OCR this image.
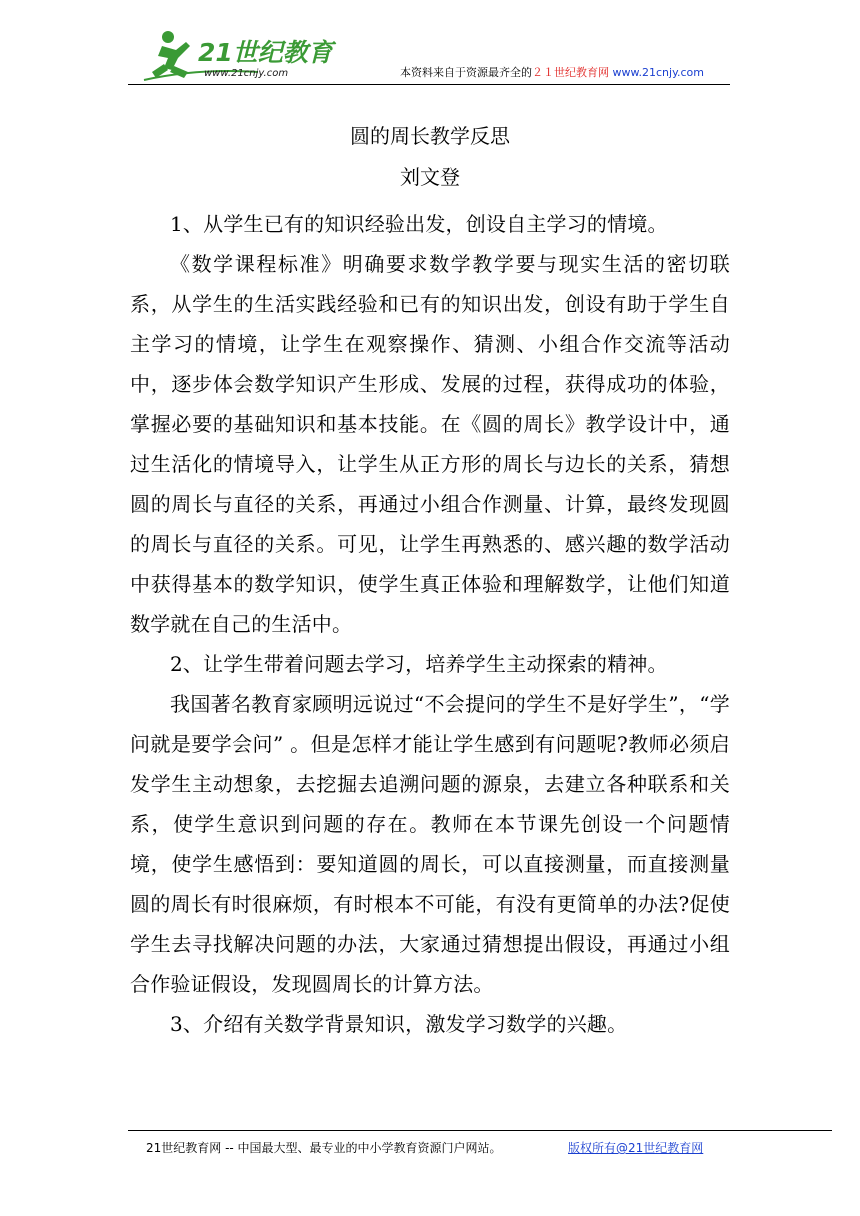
21世纪教育
www.21cnjy.com	本资料来自于资源最齐全的２１世纪教育网 www.21cnjy.com
圆的周长教学反思
刘文登

1、从学生已有的知识经验出发，创设自主学习的情境。

《数学课程标准》明确要求数学教学要与现实生活的密切联系，从学生的生活实践经验和已有的知识出发，创设有助于学生自主学习的情境，让学生在观察操作、猜测、小组合作交流等活动中，逐步体会数学知识产生形成、发展的过程，获得成功的体验，掌握必要的基础知识和基本技能。在《圆的周长》教学设计中，通过生活化的情境导入，让学生从正方形的周长与边长的关系，猜想圆的周长与直径的关系，再通过小组合作测量、计算，最终发现圆的周长与直径的关系。可见，让学生再熟悉的、感兴趣的数学活动中获得基本的数学知识，使学生真正体验和理解数学，让他们知道数学就在自己的生活中。

2、让学生带着问题去学习，培养学生主动探索的精神。

我国著名教育家顾明远说过“不会提问的学生不是好学生”，“学问就是要学会问” 。但是怎样才能让学生感到有问题呢?教师必须启发学生主动想象，去挖掘去追溯问题的源泉，去建立各种联系和关系，使学生意识到问题的存在。教师在本节课先创设一个问题情境，使学生感悟到：要知道圆的周长，可以直接测量，而直接测量圆的周长有时很麻烦，有时根本不可能，有没有更简单的办法?促使学生去寻找解决问题的办法，大家通过猜想提出假设，再通过小组合作验证假设，发现圆周长的计算方法。

3、介绍有关数学背景知识，激发学习数学的兴趣。

21世纪教育网 -- 中国最大型、最专业的中小学教育资源门户网站。	版权所有@21世纪教育网
